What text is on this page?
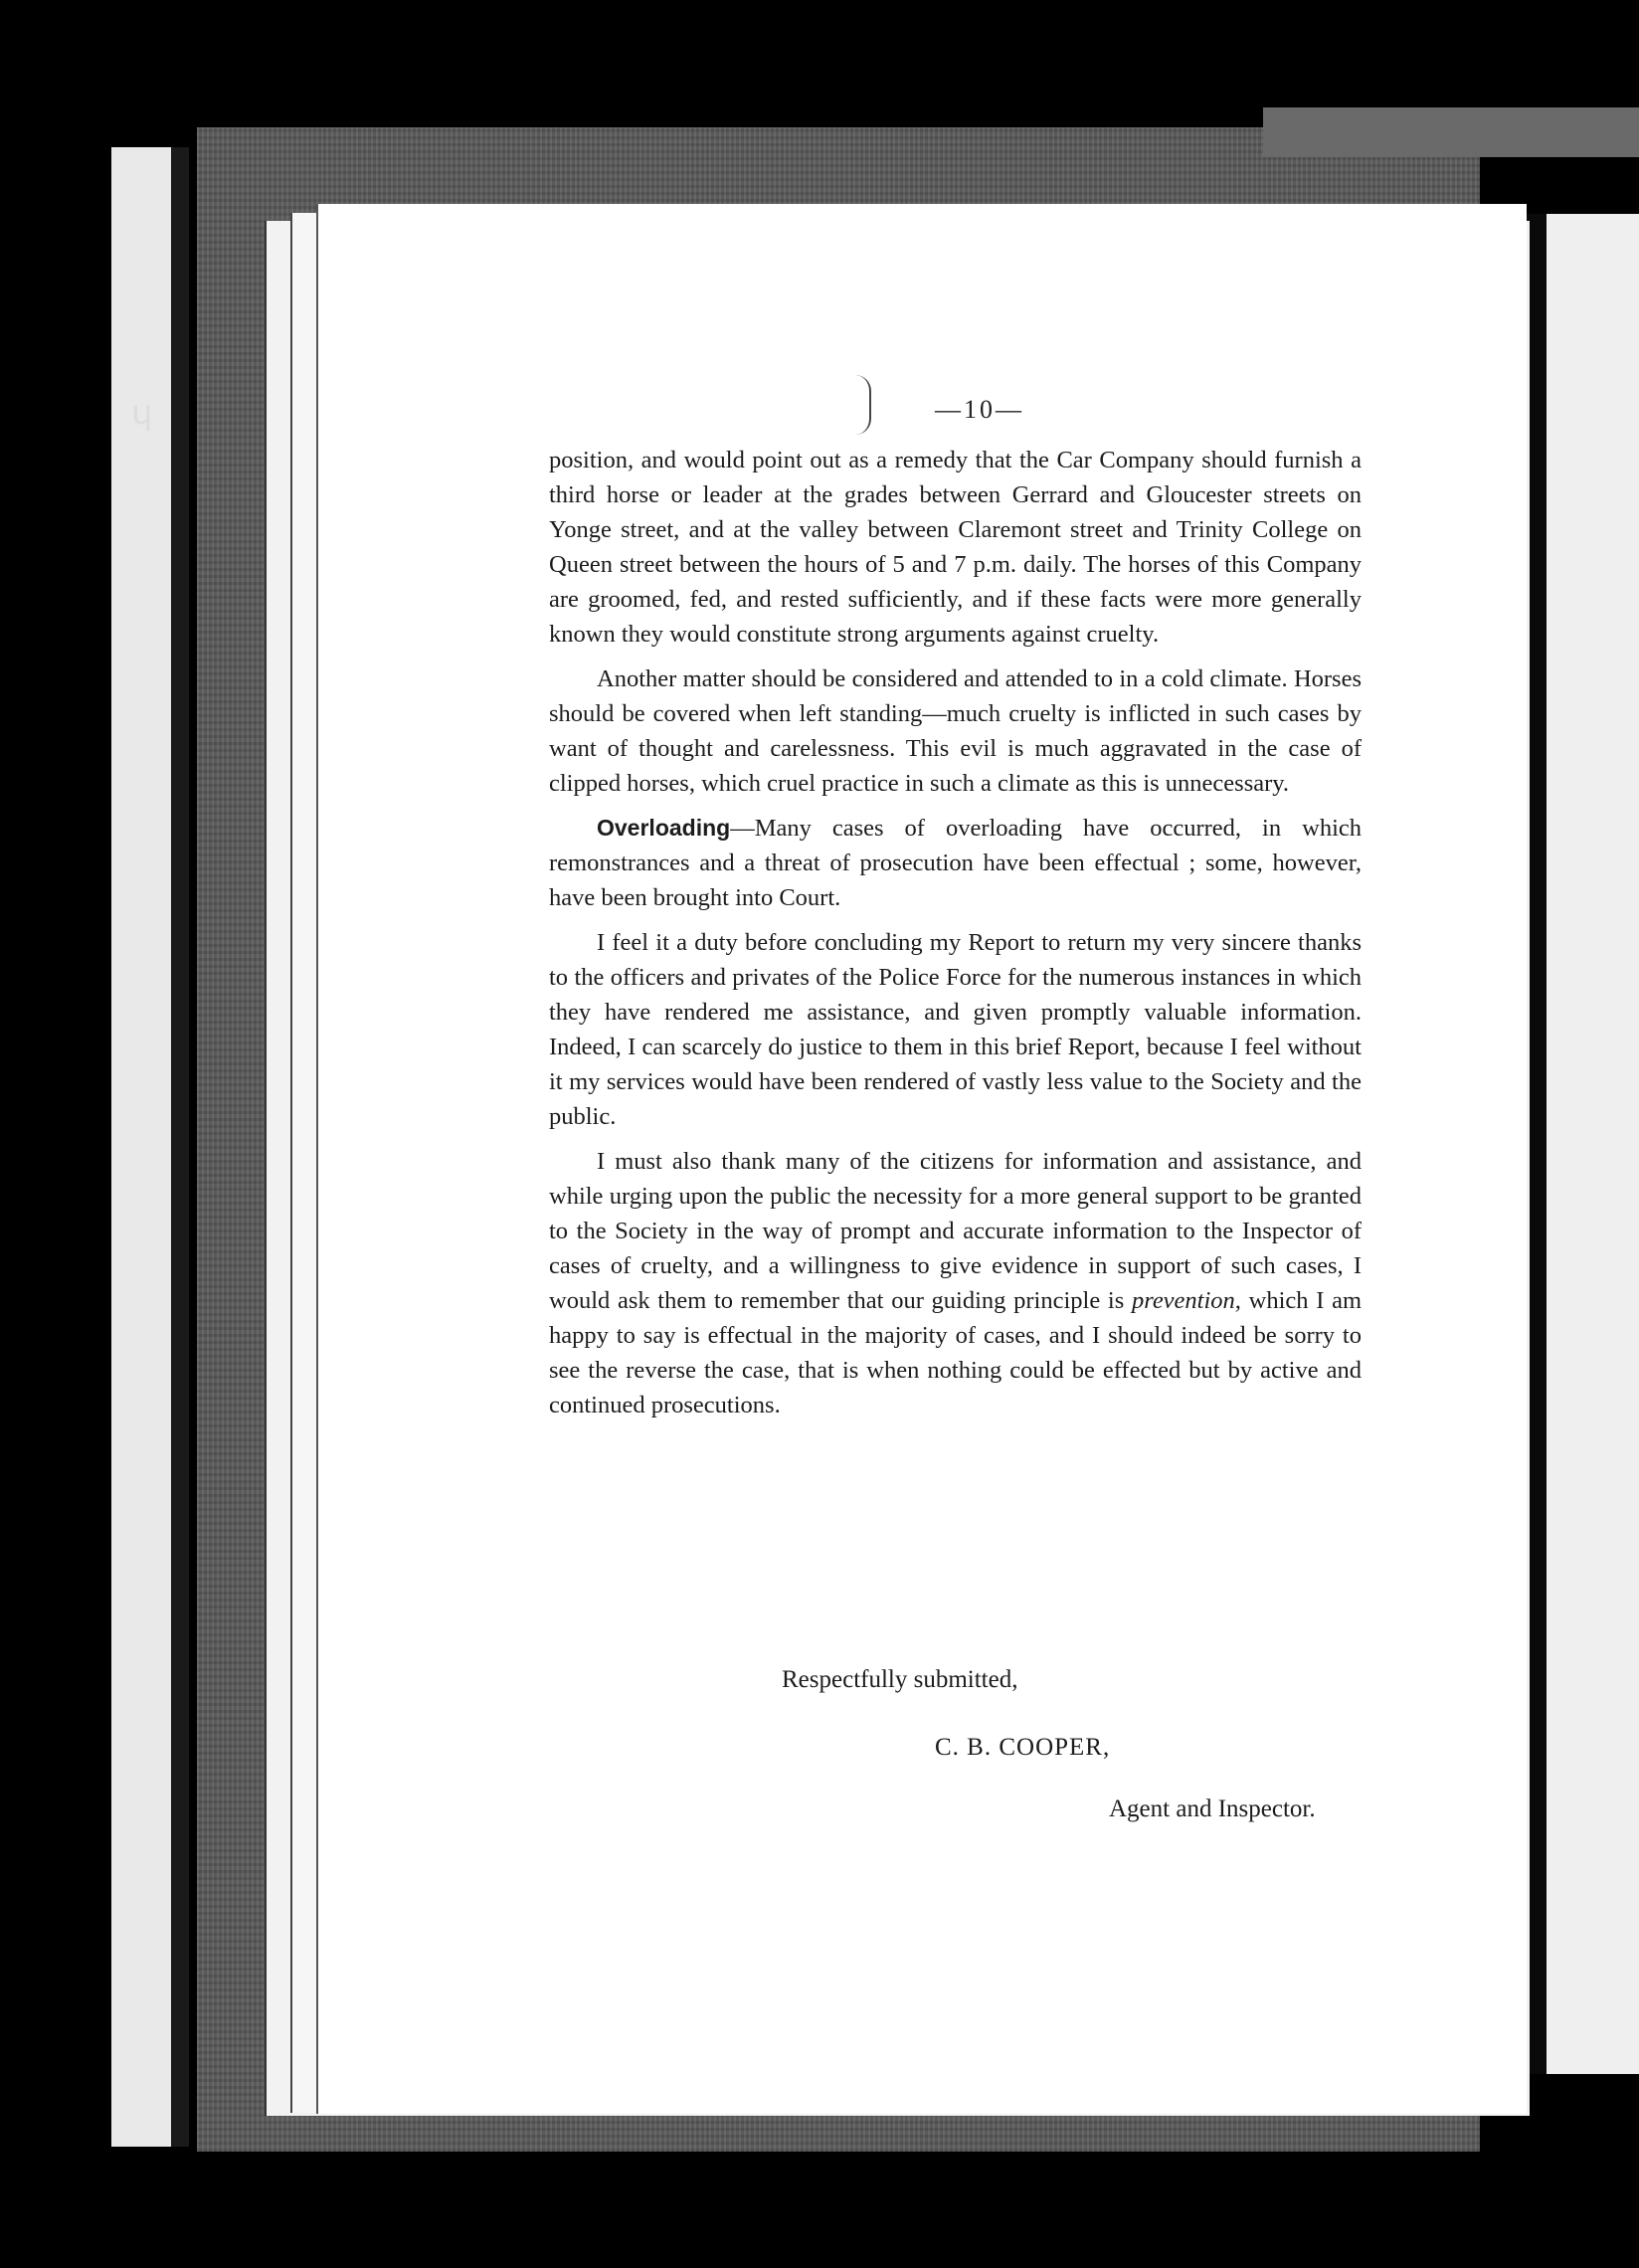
ɥ	—10—

position, and would point out as a remedy that the Car Company should furnish a third horse or leader at the grades between Gerrard and Gloucester streets on Yonge street, and at the valley between Claremont street and Trinity College on Queen street between the hours of 5 and 7 p.m. daily. The horses of this Company are groomed, fed, and rested sufficiently, and if these facts were more generally known they would constitute strong arguments against cruelty.

Another matter should be considered and attended to in a cold climate. Horses should be covered when left standing—much cruelty is inflicted in such cases by want of thought and carelessness. This evil is much aggravated in the case of clipped horses, which cruel practice in such a climate as this is unnecessary.

Overloading—Many cases of overloading have occurred, in which remonstrances and a threat of prosecution have been effectual ; some, however, have been brought into Court.

I feel it a duty before concluding my Report to return my very sincere thanks to the officers and privates of the Police Force for the numerous instances in which they have rendered me assistance, and given promptly valuable information. Indeed, I can scarcely do justice to them in this brief Report, because I feel without it my services would have been rendered of vastly less value to the Society and the public.

I must also thank many of the citizens for information and assistance, and while urging upon the public the necessity for a more general support to be granted to the Society in the way of prompt and accurate information to the Inspector of cases of cruelty, and a willingness to give evidence in support of such cases, I would ask them to remember that our guiding principle is prevention, which I am happy to say is effectual in the majority of cases, and I should indeed be sorry to see the reverse the case, that is when nothing could be effected but by active and continued prosecutions.

Respectfully submitted,
C. B. COOPER,
Agent and Inspector.
